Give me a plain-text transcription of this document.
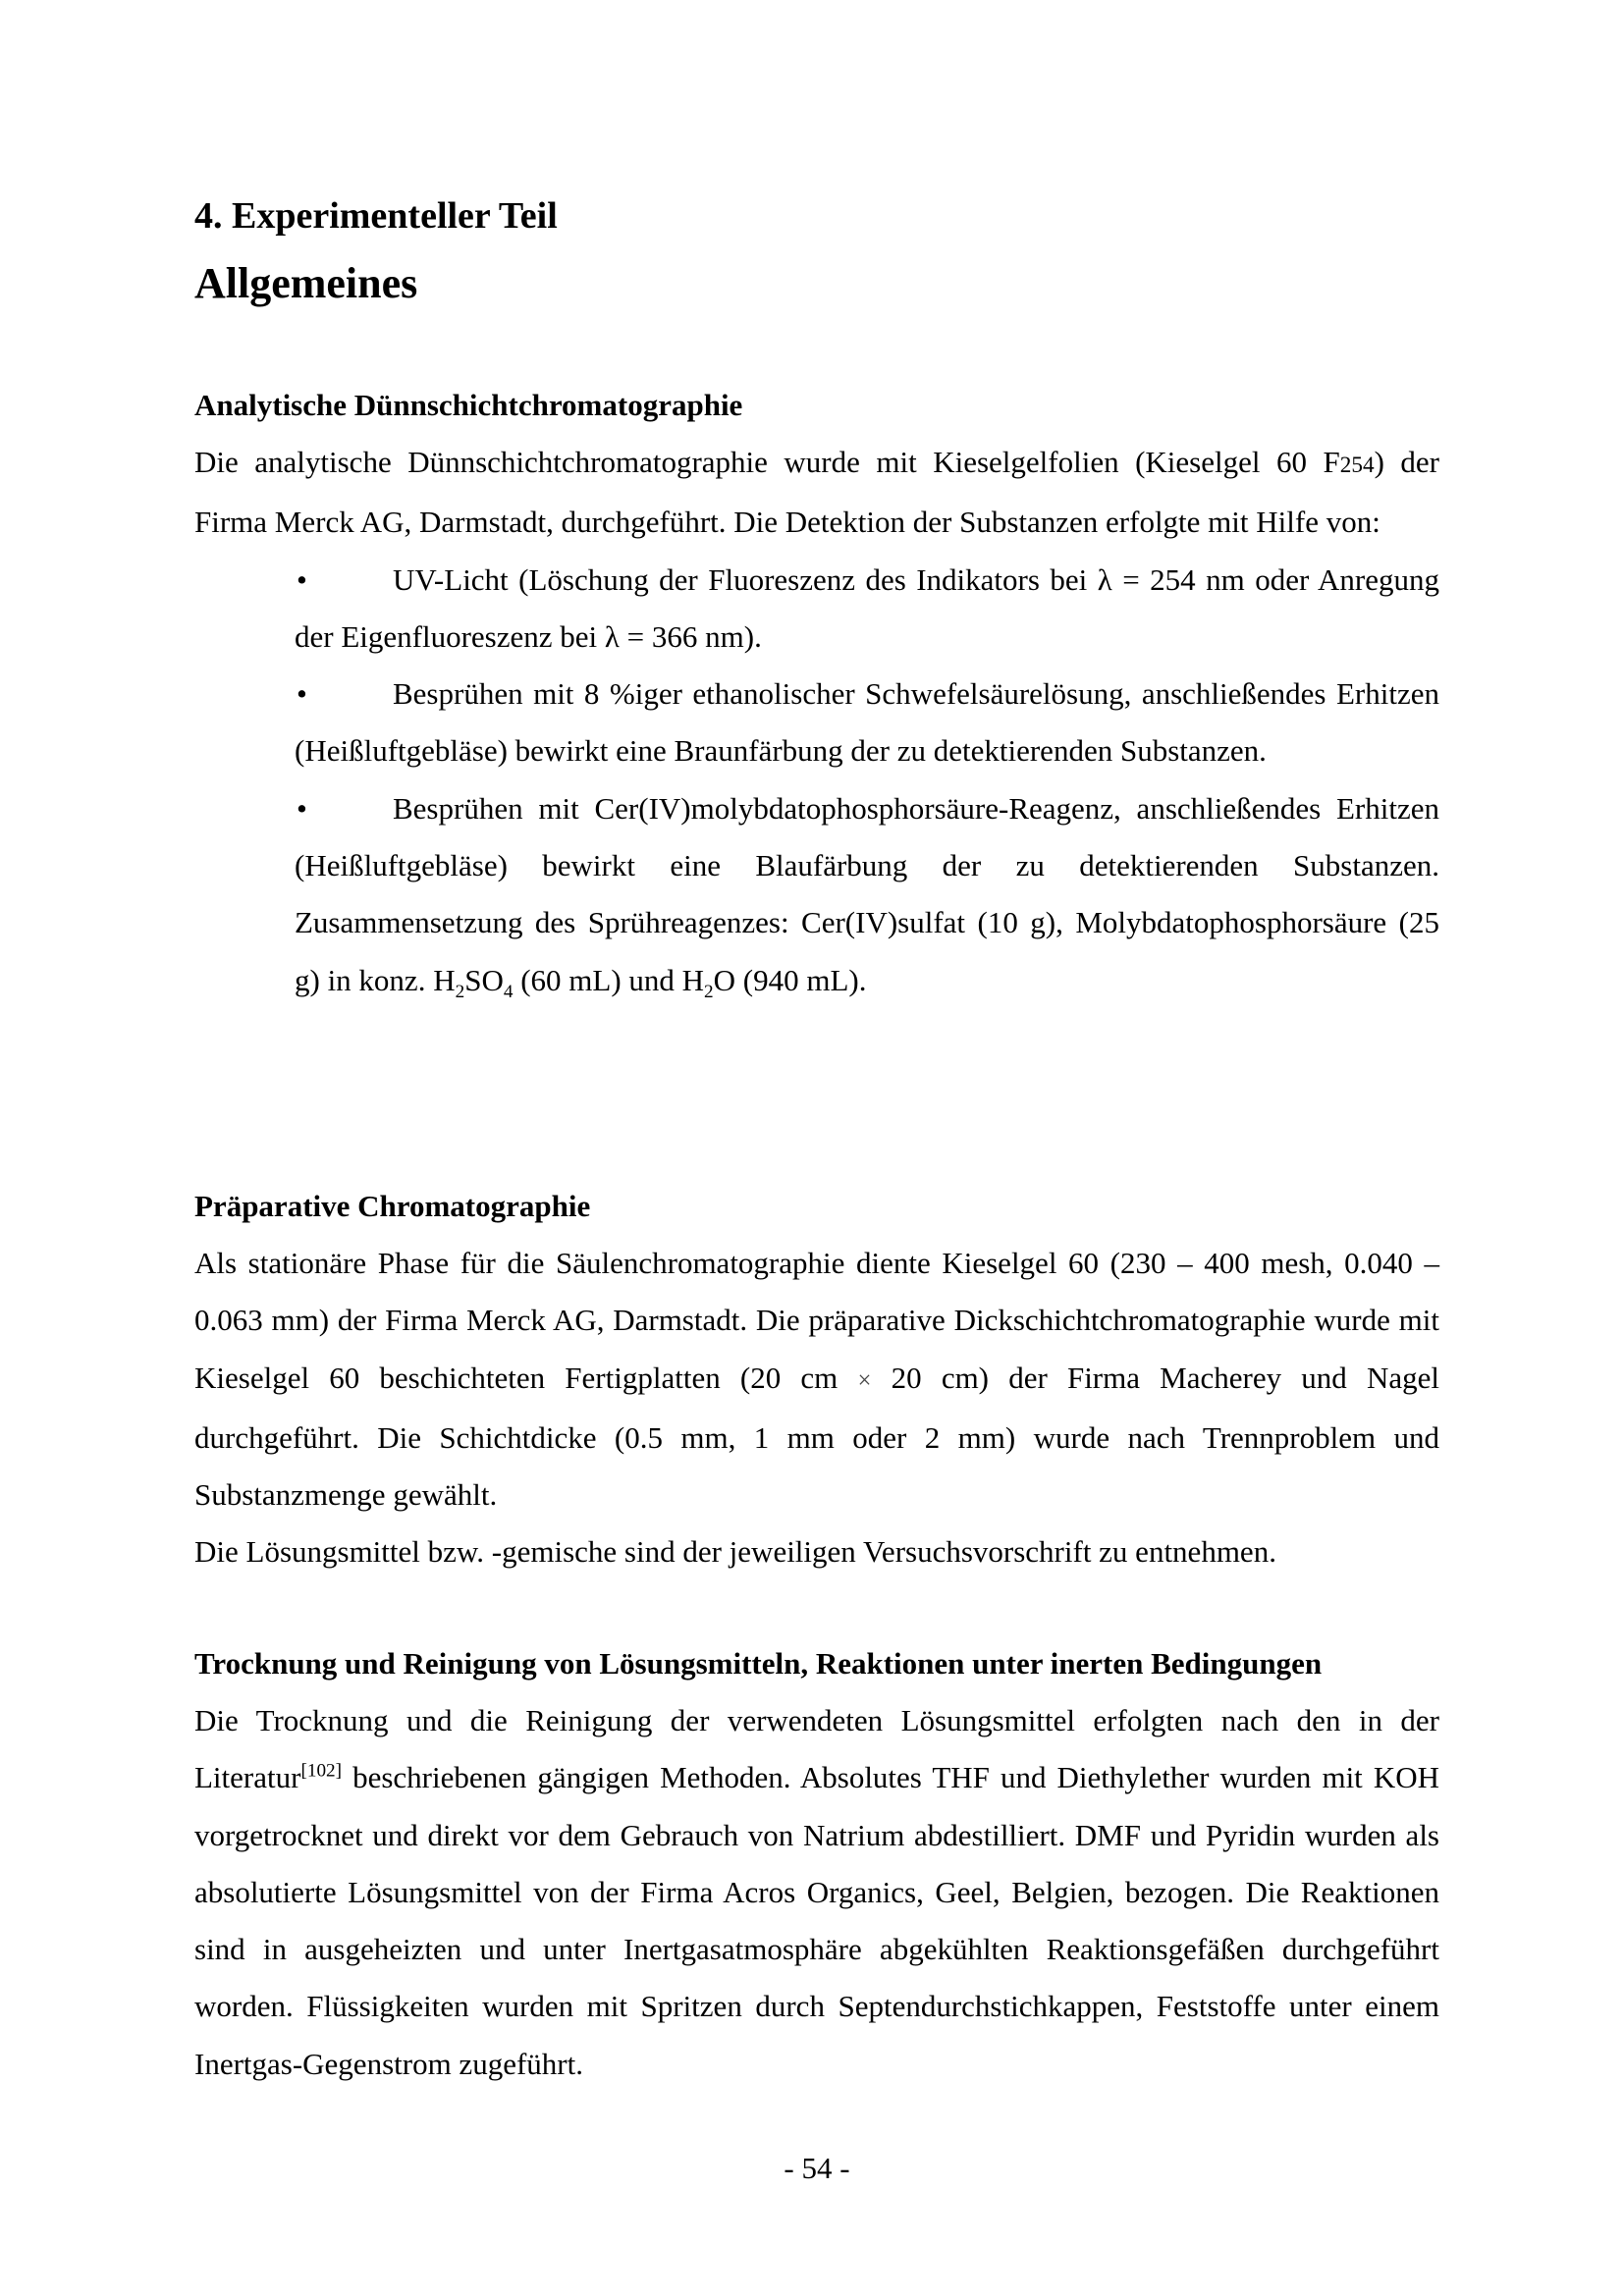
4. Experimenteller Teil
Allgemeines

Analytische Dünnschichtchromatographie

Die analytische Dünnschichtchromatographie wurde mit Kieselgelfolien (Kieselgel 60 F254) der Firma Merck AG, Darmstadt, durchgeführt. Die Detektion der Substanzen erfolgte mit Hilfe von:

•	UV-Licht (Löschung der Fluoreszenz des Indikators bei λ = 254 nm oder Anregung der Eigenfluoreszenz bei λ = 366 nm).
•	Besprühen mit 8 %iger ethanolischer Schwefelsäurelösung, anschließendes Erhitzen (Heißluftgebläse) bewirkt eine Braunfärbung der zu detektierenden Substanzen.
•	Besprühen mit Cer(IV)molybdatophosphorsäure-Reagenz, anschließendes Erhitzen (Heißluftgebläse) bewirkt eine Blaufärbung der zu detektierenden Substanzen. Zusammensetzung des Sprühreagenzes: Cer(IV)sulfat (10 g), Molybdatophosphorsäure (25 g) in konz. $H_2SO_4$ (60 mL) und $H_2O$ (940 mL).

Präparative Chromatographie

Als stationäre Phase für die Säulenchromatographie diente Kieselgel 60 (230 – 400 mesh, 0.040 – 0.063 mm) der Firma Merck AG, Darmstadt. Die präparative Dickschichtchromatographie wurde mit Kieselgel 60 beschichteten Fertigplatten (20 cm × 20 cm) der Firma Macherey und Nagel durchgeführt. Die Schichtdicke (0.5 mm, 1 mm oder 2 mm) wurde nach Trennproblem und Substanzmenge gewählt.

Die Lösungsmittel bzw. -gemische sind der jeweiligen Versuchsvorschrift zu entnehmen.

Trocknung und Reinigung von Lösungsmitteln, Reaktionen unter inerten Bedingungen

Die Trocknung und die Reinigung der verwendeten Lösungsmittel erfolgten nach den in der Literatur[102] beschriebenen gängigen Methoden. Absolutes THF und Diethylether wurden mit KOH vorgetrocknet und direkt vor dem Gebrauch von Natrium abdestilliert. DMF und Pyridin wurden als absolutierte Lösungsmittel von der Firma Acros Organics, Geel, Belgien, bezogen. Die Reaktionen sind in ausgeheizten und unter Inertgasatmosphäre abgekühlten Reaktionsgefäßen durchgeführt worden. Flüssigkeiten wurden mit Spritzen durch Septendurchstichkappen, Feststoffe unter einem Inertgas-Gegenstrom zugeführt.

- 54 -
